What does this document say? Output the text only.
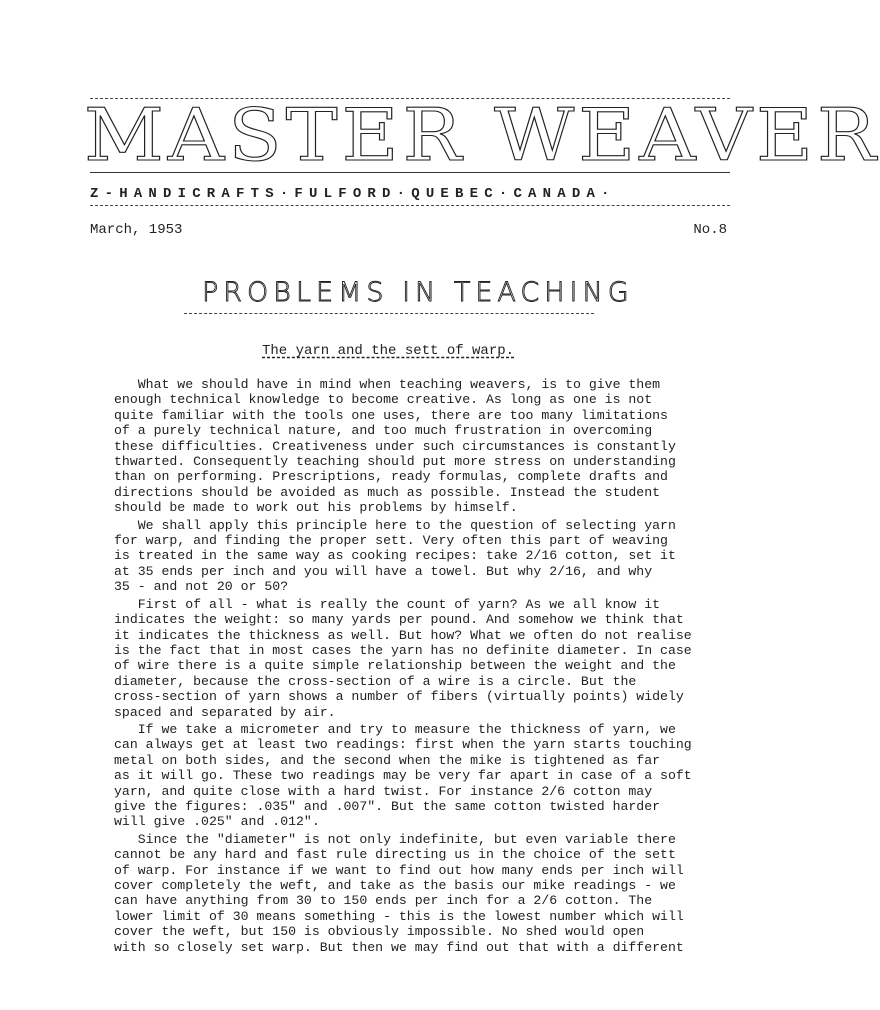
MASTER WEAVER
Z-HANDICRAFTS·FULFORD·QUEBEC·CANADA·
March, 1953	No.8
PROBLEMS IN TEACHING
The yarn and the sett of warp.

What we should have in mind when teaching weavers, is to give them
enough technical knowledge to become creative. As long as one is not
quite familiar with the tools one uses, there are too many limitations
of a purely technical nature, and too much frustration in overcoming
these difficulties. Creativeness under such circumstances is constantly
thwarted. Consequently teaching should put more stress on understanding
than on performing. Prescriptions, ready formulas, complete drafts and
directions should be avoided as much as possible. Instead the student
should be made to work out his problems by himself.

We shall apply this principle here to the question of selecting yarn
for warp, and finding the proper sett. Very often this part of weaving
is treated in the same way as cooking recipes: take 2/16 cotton, set it
at 35 ends per inch and you will have a towel. But why 2/16, and why
35 - and not 20 or 50?

First of all - what is really the count of yarn? As we all know it
indicates the weight: so many yards per pound. And somehow we think that
it indicates the thickness as well. But how? What we often do not realise
is the fact that in most cases the yarn has no definite diameter. In case
of wire there is a quite simple relationship between the weight and the
diameter, because the cross-section of a wire is a circle. But the
cross-section of yarn shows a number of fibers (virtually points) widely
spaced and separated by air.

If we take a micrometer and try to measure the thickness of yarn, we
can always get at least two readings: first when the yarn starts touching
metal on both sides, and the second when the mike is tightened as far
as it will go. These two readings may be very far apart in case of a soft
yarn, and quite close with a hard twist. For instance 2/6 cotton may
give the figures: .035" and .007". But the same cotton twisted harder
will give .025" and .012".

Since the "diameter" is not only indefinite, but even variable there
cannot be any hard and fast rule directing us in the choice of the sett
of warp. For instance if we want to find out how many ends per inch will
cover completely the weft, and take as the basis our mike readings - we
can have anything from 30 to 150 ends per inch for a 2/6 cotton. The
lower limit of 30 means something - this is the lowest number which will
cover the weft, but 150 is obviously impossible. No shed would open
with so closely set warp. But then we may find out that with a different
